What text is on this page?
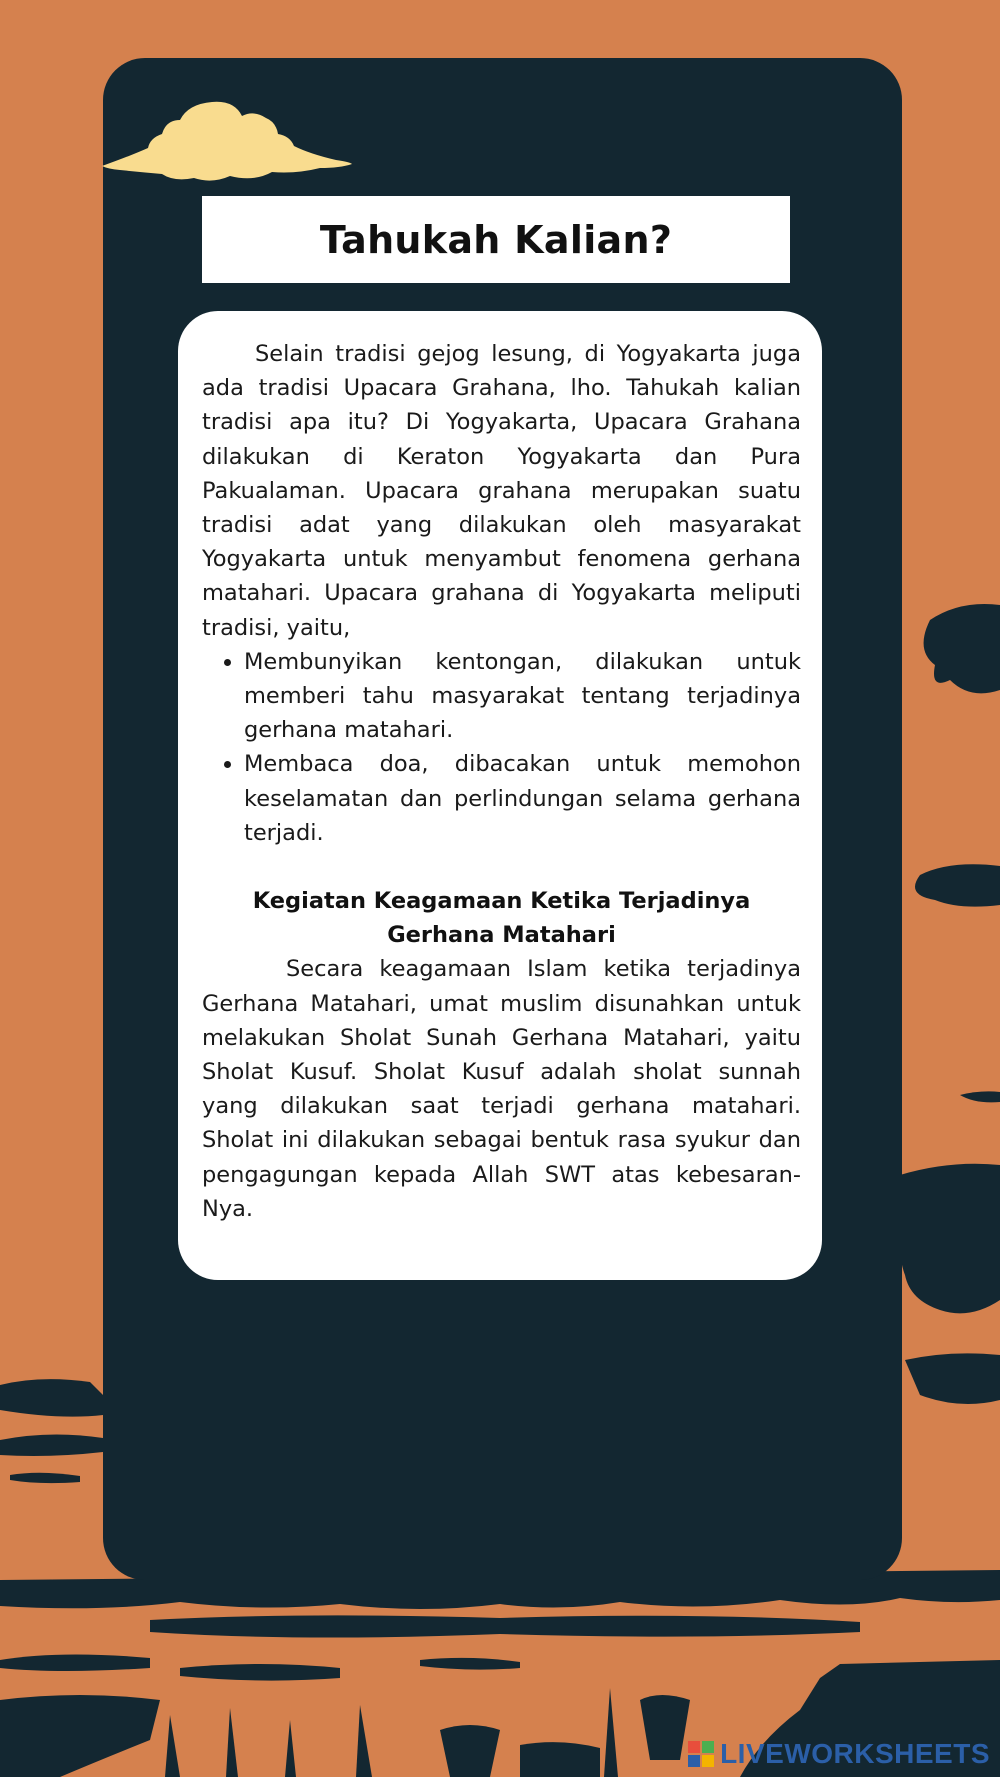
Tahukah Kalian?

Selain tradisi gejog lesung, di Yogyakarta juga ada tradisi Upacara Grahana, lho. Tahukah kalian tradisi apa itu? Di Yogyakarta, Upacara Grahana dilakukan di Keraton Yogyakarta dan Pura Pakualaman. Upacara grahana merupakan suatu tradisi adat yang dilakukan oleh masyarakat Yogyakarta untuk menyambut fenomena gerhana matahari. Upacara grahana di Yogyakarta meliputi tradisi, yaitu,

• Membunyikan kentongan, dilakukan untuk memberi tahu masyarakat tentang terjadinya gerhana matahari.
• Membaca doa, dibacakan untuk memohon keselamatan dan perlindungan selama gerhana terjadi.
Kegiatan Keagamaan Ketika Terjadinya Gerhana Matahari

Secara keagamaan Islam ketika terjadinya Gerhana Matahari, umat muslim disunahkan untuk melakukan Sholat Sunah Gerhana Matahari, yaitu Sholat Kusuf. Sholat Kusuf adalah sholat sunnah yang dilakukan saat terjadi gerhana matahari. Sholat ini dilakukan sebagai bentuk rasa syukur dan pengagungan kepada Allah SWT atas kebesaran-Nya.

LIVEWORKSHEETS
